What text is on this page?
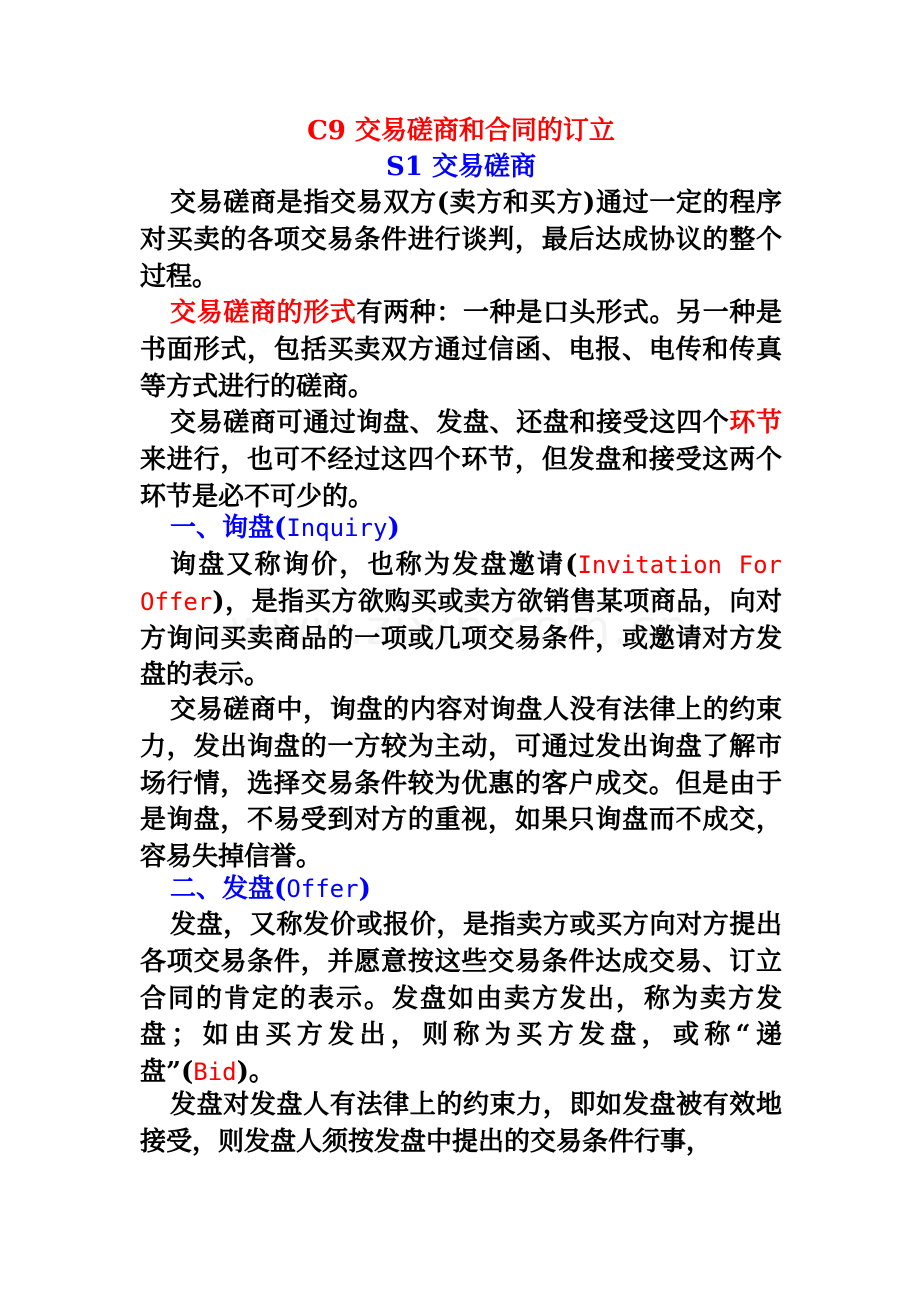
C9 交易磋商和合同的订立
S1 交易磋商

交易磋商是指交易双方(卖方和买方)通过一定的程序对买卖的各项交易条件进行谈判，最后达成协议的整个过程。

交易磋商的形式有两种：一种是口头形式。另一种是书面形式，包括买卖双方通过信函、电报、电传和传真等方式进行的磋商。

交易磋商可通过询盘、发盘、还盘和接受这四个环节来进行，也可不经过这四个环节，但发盘和接受这两个环节是必不可少的。

一、询盘(Inquiry)

询盘又称询价，也称为发盘邀请(Invitation For Offer)，是指买方欲购买或卖方欲销售某项商品，向对方询问买卖商品的一项或几项交易条件，或邀请对方发盘的表示。

交易磋商中，询盘的内容对询盘人没有法律上的约束力，发出询盘的一方较为主动，可通过发出询盘了解市场行情，选择交易条件较为优惠的客户成交。但是由于是询盘，不易受到对方的重视，如果只询盘而不成交，容易失掉信誉。

二、发盘(Offer)

发盘，又称发价或报价，是指卖方或买方向对方提出各项交易条件，并愿意按这些交易条件达成交易、订立合同的肯定的表示。发盘如由卖方发出，称为卖方发盘；如由买方发出，则称为买方发盘，或称“递盘”(Bid)。

发盘对发盘人有法律上的约束力，即如发盘被有效地接受，则发盘人须按发盘中提出的交易条件行事，
